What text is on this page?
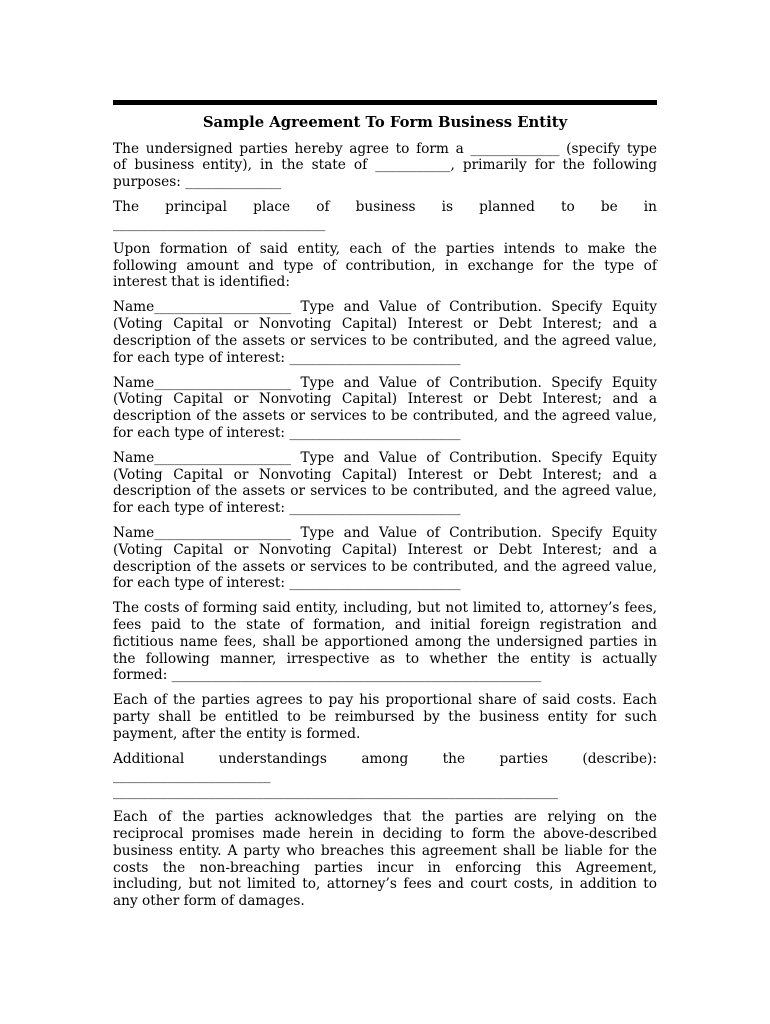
Sample Agreement To Form Business Entity

The undersigned parties hereby agree to form a _____________ (specify type
of business entity), in the state of ___________, primarily for the following
purposes: ______________

The principal place of business is planned to be in
_______________________________

Upon formation of said entity, each of the parties intends to make the
following amount and type of contribution, in exchange for the type of
interest that is identified:

Name____________________ Type and Value of Contribution. Specify Equity
(Voting Capital or Nonvoting Capital) Interest or Debt Interest; and a
description of the assets or services to be contributed, and the agreed value,
for each type of interest: _________________________

Name____________________ Type and Value of Contribution. Specify Equity
(Voting Capital or Nonvoting Capital) Interest or Debt Interest; and a
description of the assets or services to be contributed, and the agreed value,
for each type of interest: _________________________

Name____________________ Type and Value of Contribution. Specify Equity
(Voting Capital or Nonvoting Capital) Interest or Debt Interest; and a
description of the assets or services to be contributed, and the agreed value,
for each type of interest: _________________________

Name____________________ Type and Value of Contribution. Specify Equity
(Voting Capital or Nonvoting Capital) Interest or Debt Interest; and a
description of the assets or services to be contributed, and the agreed value,
for each type of interest: _________________________

The costs of forming said entity, including, but not limited to, attorney’s fees,
fees paid to the state of formation, and initial foreign registration and
fictitious name fees, shall be apportioned among the undersigned parties in
the following manner, irrespective as to whether the entity is actually
formed: ______________________________________________________

Each of the parties agrees to pay his proportional share of said costs. Each
party shall be entitled to be reimbursed by the business entity for such
payment, after the entity is formed.

Additional understandings among the parties (describe):
_______________________
_________________________________________________________________

Each of the parties acknowledges that the parties are relying on the
reciprocal promises made herein in deciding to form the above-described
business entity. A party who breaches this agreement shall be liable for the
costs the non-breaching parties incur in enforcing this Agreement,
including, but not limited to, attorney’s fees and court costs, in addition to
any other form of damages.
